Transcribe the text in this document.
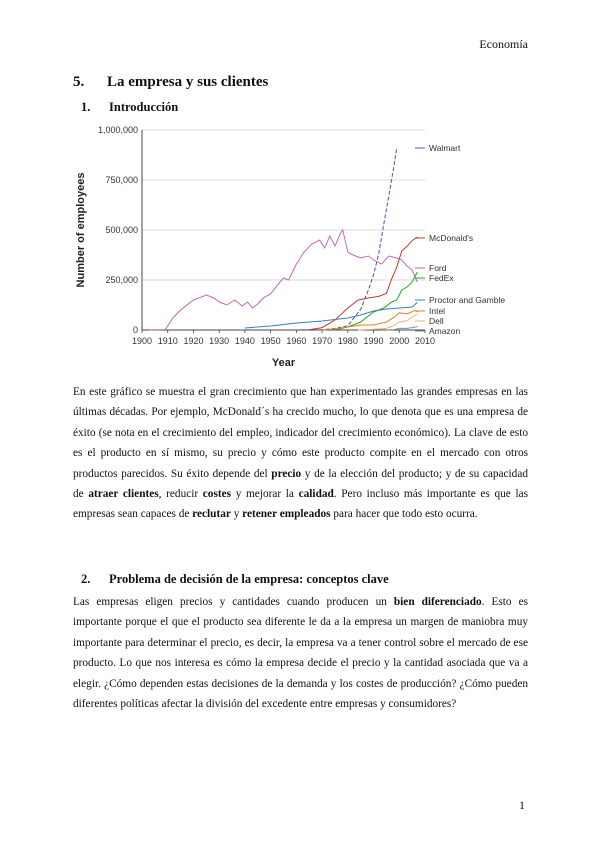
Economía
5. La empresa y sus clientes
1. Introducción
0
250,000
500,000
750,000
1,000,000
1900 1910 1920 1930 1940 1950 1960 1970 1980 1990 2000 2010
Year
Number of employees
Walmart
McDonald's
Ford
FedEx
Proctor and Gamble
Intel
Dell
Amazon
En este gráfico se muestra el gran crecimiento que han experimentado las grandes empresas en las últimas décadas. Por ejemplo, McDonald´s ha crecido mucho, lo que denota que es una empresa de éxito (se nota en el crecimiento del empleo, indicador del crecimiento económico). La clave de esto es el producto en sí mismo, su precio y cómo este producto compite en el mercado con otros productos parecidos. Su éxito depende del precio y de la elección del producto; y de su capacidad de atraer clientes, reducir costes y mejorar la calidad. Pero incluso más importante es que las empresas sean capaces de reclutar y retener empleados para hacer que todo esto ocurra.
2. Problema de decisión de la empresa: conceptos clave
Las empresas eligen precios y cantidades cuando producen un bien diferenciado. Esto es importante porque el que el producto sea diferente le da a la empresa un margen de maniobra muy importante para determinar el precio, es decir, la empresa va a tener control sobre el mercado de ese producto. Lo que nos interesa es cómo la empresa decide el precio y la cantidad asociada que va a elegir. ¿Cómo dependen estas decisiones de la demanda y los costes de producción? ¿Cómo pueden diferentes políticas afectar la división del excedente entre empresas y consumidores?
1
